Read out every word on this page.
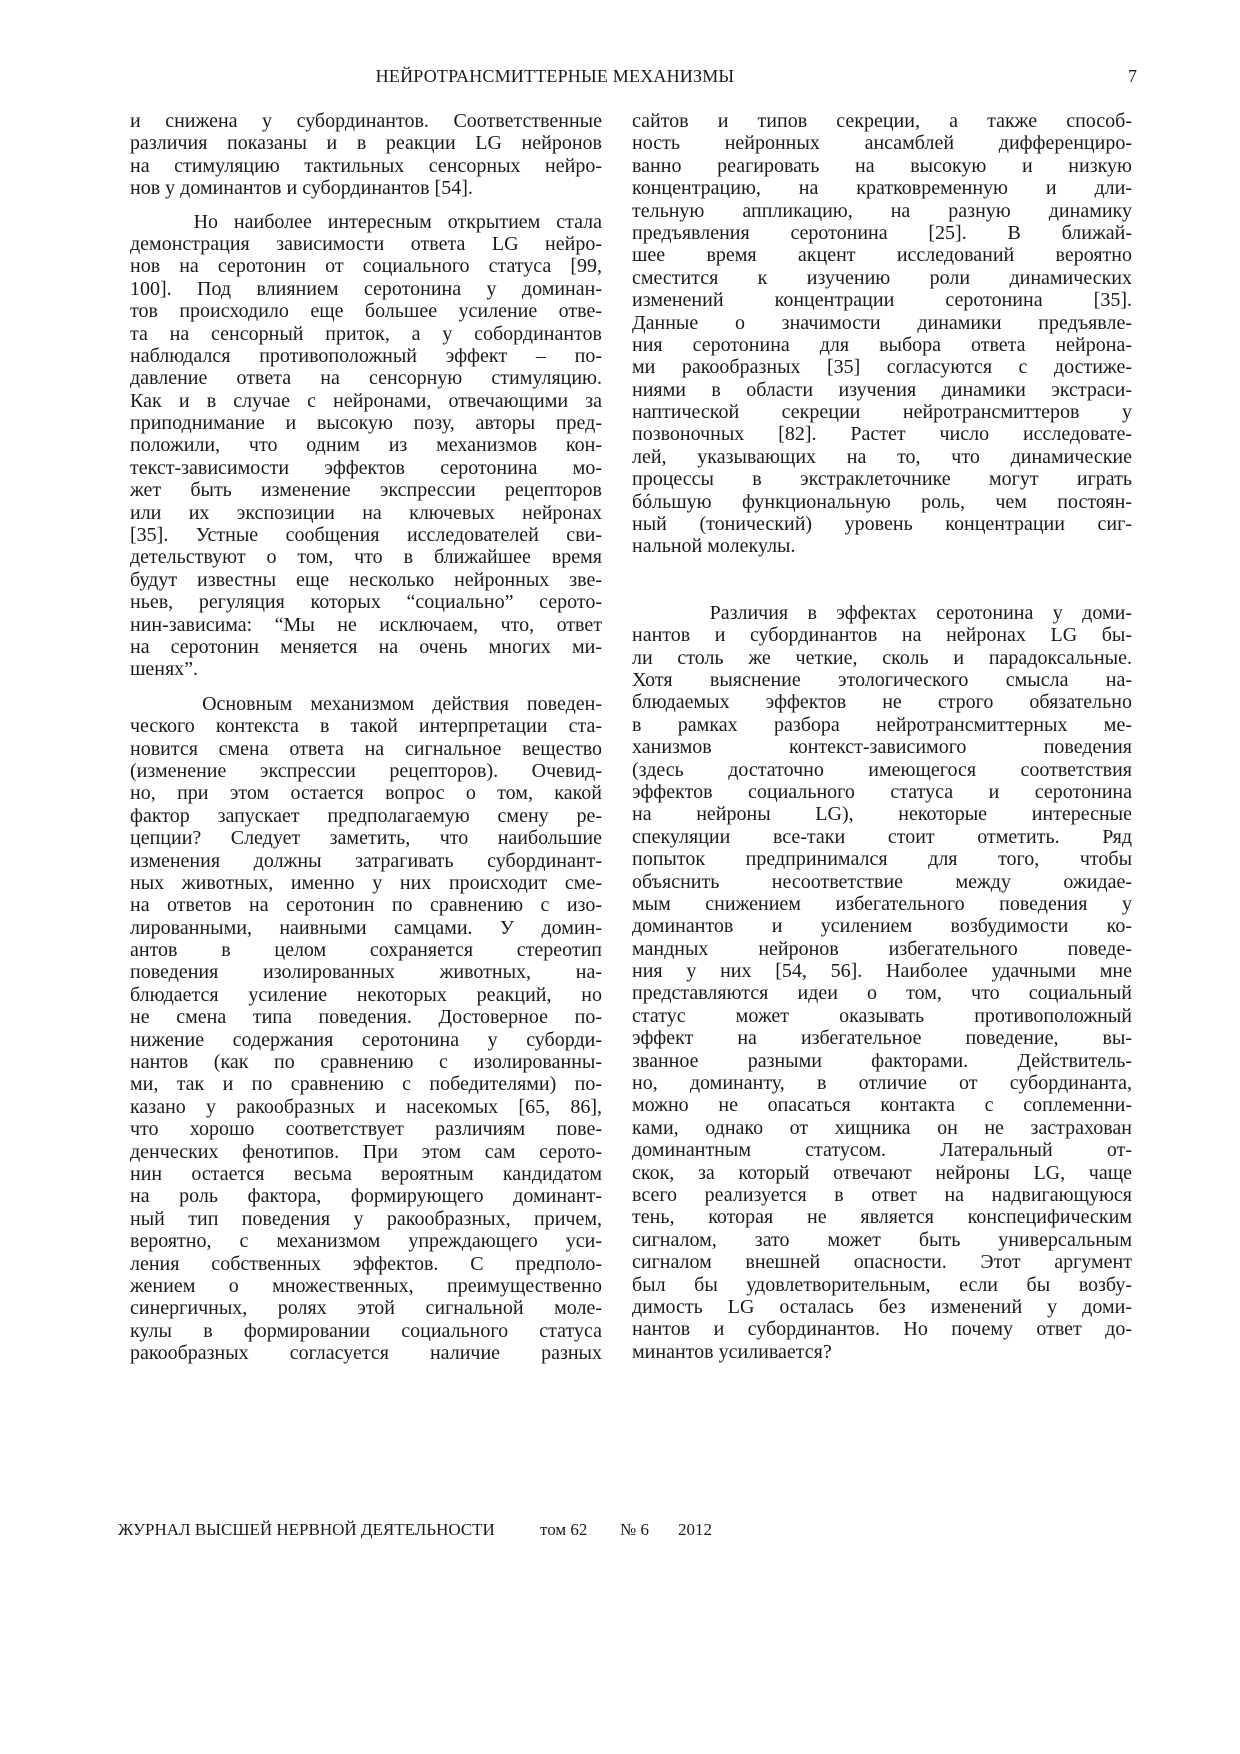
НЕЙРОТРАНСМИТТЕРНЫЕ МЕХАНИЗМЫ	7
и снижена у субординантов. Соответственные
различия показаны и в реакции LG нейронов
на стимуляцию тактильных сенсорных нейро-
нов у доминантов и субординантов [54].
Но наиболее интересным открытием стала
демонстрация зависимости ответа LG нейро-
нов на серотонин от социального статуса [99,
100]. Под влиянием серотонина у доминан-
тов происходило еще большее усиление отве-
та на сенсорный приток, а у собординантов
наблюдался противоположный эффект – по-
давление ответа на сенсорную стимуляцию.
Как и в случае с нейронами, отвечающими за
приподнимание и высокую позу, авторы пред-
положили, что одним из механизмов кон-
текст-зависимости эффектов серотонина мо-
жет быть изменение экспрессии рецепторов
или их экспозиции на ключевых нейронах
[35]. Устные сообщения исследователей сви-
детельствуют о том, что в ближайшее время
будут известны еще несколько нейронных зве-
ньев, регуляция которых “социально” серото-
нин-зависима: “Мы не исключаем, что, ответ
на серотонин меняется на очень многих ми-
шенях”.
Основным механизмом действия поведен-
ческого контекста в такой интерпретации ста-
новится смена ответа на сигнальное вещество
(изменение экспрессии рецепторов). Очевид-
но, при этом остается вопрос о том, какой
фактор запускает предполагаемую смену ре-
цепции? Следует заметить, что наибольшие
изменения должны затрагивать субординант-
ных животных, именно у них происходит сме-
на ответов на серотонин по сравнению с изо-
лированными, наивными самцами. У домин-
антов в целом сохраняется стереотип
поведения изолированных животных, на-
блюдается усиление некоторых реакций, но
не смена типа поведения. Достоверное по-
нижение содержания серотонина у суборди-
нантов (как по сравнению с изолированны-
ми, так и по сравнению с победителями) по-
казано у ракообразных и насекомых [65, 86],
что хорошо соответствует различиям пове-
денческих фенотипов. При этом сам серото-
нин остается весьма вероятным кандидатом
на роль фактора, формирующего доминант-
ный тип поведения у ракообразных, причем,
вероятно, с механизмом упреждающего уси-
ления собственных эффектов. С предполо-
жением о множественных, преимущественно
синергичных, ролях этой сигнальной моле-
кулы в формировании социального статуса
ракообразных согласуется наличие разных
сайтов и типов секреции, а также способ-
ность нейронных ансамблей дифференциро-
ванно реагировать на высокую и низкую
концентрацию, на кратковременную и дли-
тельную аппликацию, на разную динамику
предъявления серотонина [25]. В ближай-
шее время акцент исследований вероятно
сместится к изучению роли динамических
изменений концентрации серотонина [35].
Данные о значимости динамики предъявле-
ния серотонина для выбора ответа нейрона-
ми ракообразных [35] согласуются с достиже-
ниями в области изучения динамики экстраси-
наптической секреции нейротрансмиттеров у
позвоночных [82]. Растет число исследовате-
лей, указывающих на то, что динамические
процессы в экстраклеточнике могут играть
бóльшую функциональную роль, чем постоян-
ный (тонический) уровень концентрации сиг-
нальной молекулы.
Различия в эффектах серотонина у доми-
нантов и субординантов на нейронах LG бы-
ли столь же четкие, сколь и парадоксальные.
Хотя выяснение этологического смысла на-
блюдаемых эффектов не строго обязательно
в рамках разбора нейротрансмиттерных ме-
ханизмов контекст-зависимого поведения
(здесь достаточно имеющегося соответствия
эффектов социального статуса и серотонина
на нейроны LG), некоторые интересные
спекуляции все-таки стоит отметить. Ряд
попыток предпринимался для того, чтобы
объяснить несоответствие между ожидае-
мым снижением избегательного поведения у
доминантов и усилением возбудимости ко-
мандных нейронов избегательного поведе-
ния у них [54, 56]. Наиболее удачными мне
представляются идеи о том, что социальный
статус может оказывать противоположный
эффект на избегательное поведение, вы-
званное разными факторами. Действитель-
но, доминанту, в отличие от субординанта,
можно не опасаться контакта с соплеменни-
ками, однако от хищника он не застрахован
доминантным статусом. Латеральный от-
скок, за который отвечают нейроны LG, чаще
всего реализуется в ответ на надвигающуюся
тень, которая не является конспецифическим
сигналом, зато может быть универсальным
сигналом внешней опасности. Этот аргумент
был бы удовлетворительным, если бы возбу-
димость LG осталась без изменений у доми-
нантов и субординантов. Но почему ответ до-
минантов усиливается?
ЖУРНАЛ ВЫСШЕЙ НЕРВНОЙ ДЕЯТЕЛЬНОСТИ	том 62 № 6 2012
